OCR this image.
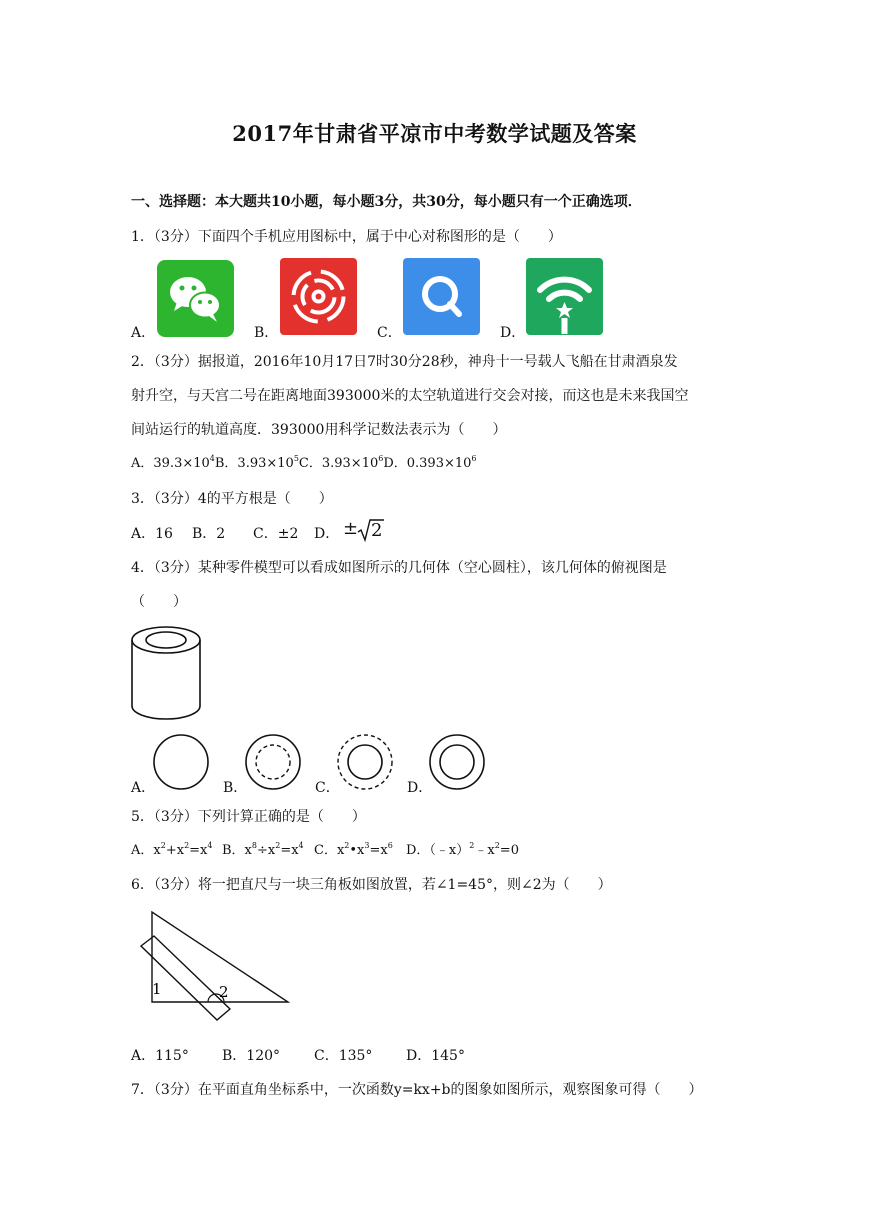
2017年甘肃省平凉市中考数学试题及答案
一、选择题：本大题共10小题，每小题3分，共30分，每小题只有一个正确选项．
1．（3分）下面四个手机应用图标中，属于中心对称图形的是（　　）
A．	B．	C．	D．
2．（3分）据报道，2016年10月17日7时30分28秒，神舟十一号载人飞船在甘肃酒泉发
射升空，与天宫二号在距离地面393000米的太空轨道进行交会对接，而这也是未来我国空
间站运行的轨道高度．393000用科学记数法表示为（　　）
A．$39.3\times 10^4B$．$3.93\times 10^5C$．$3.93\times 10^6D$．$0.393\times 10^6$
3．（3分）4的平方根是（　　）
A．16 B．2 C．±2 D． ± 2
4．（3分）某种零件模型可以看成如图所示的几何体（空心圆柱），该几何体的俯视图是
（　　）
A．	B．	C．	D．
5．（3分）下列计算正确的是（　　）
A．$x^2+x^2=x^4$ B．$x^8\div x^2=x^4$ C．$x^2•x^3=x^6$ D．$(﹣x)^2﹣x^2=0$
6．（3分）将一把直尺与一块三角板如图放置，若∠1=45°，则∠2为（　　）
1	2
A．115° B．120° C．135° D．145°
7．（3分）在平面直角坐标系中，一次函数y=kx+b的图象如图所示，观察图象可得（　　）
